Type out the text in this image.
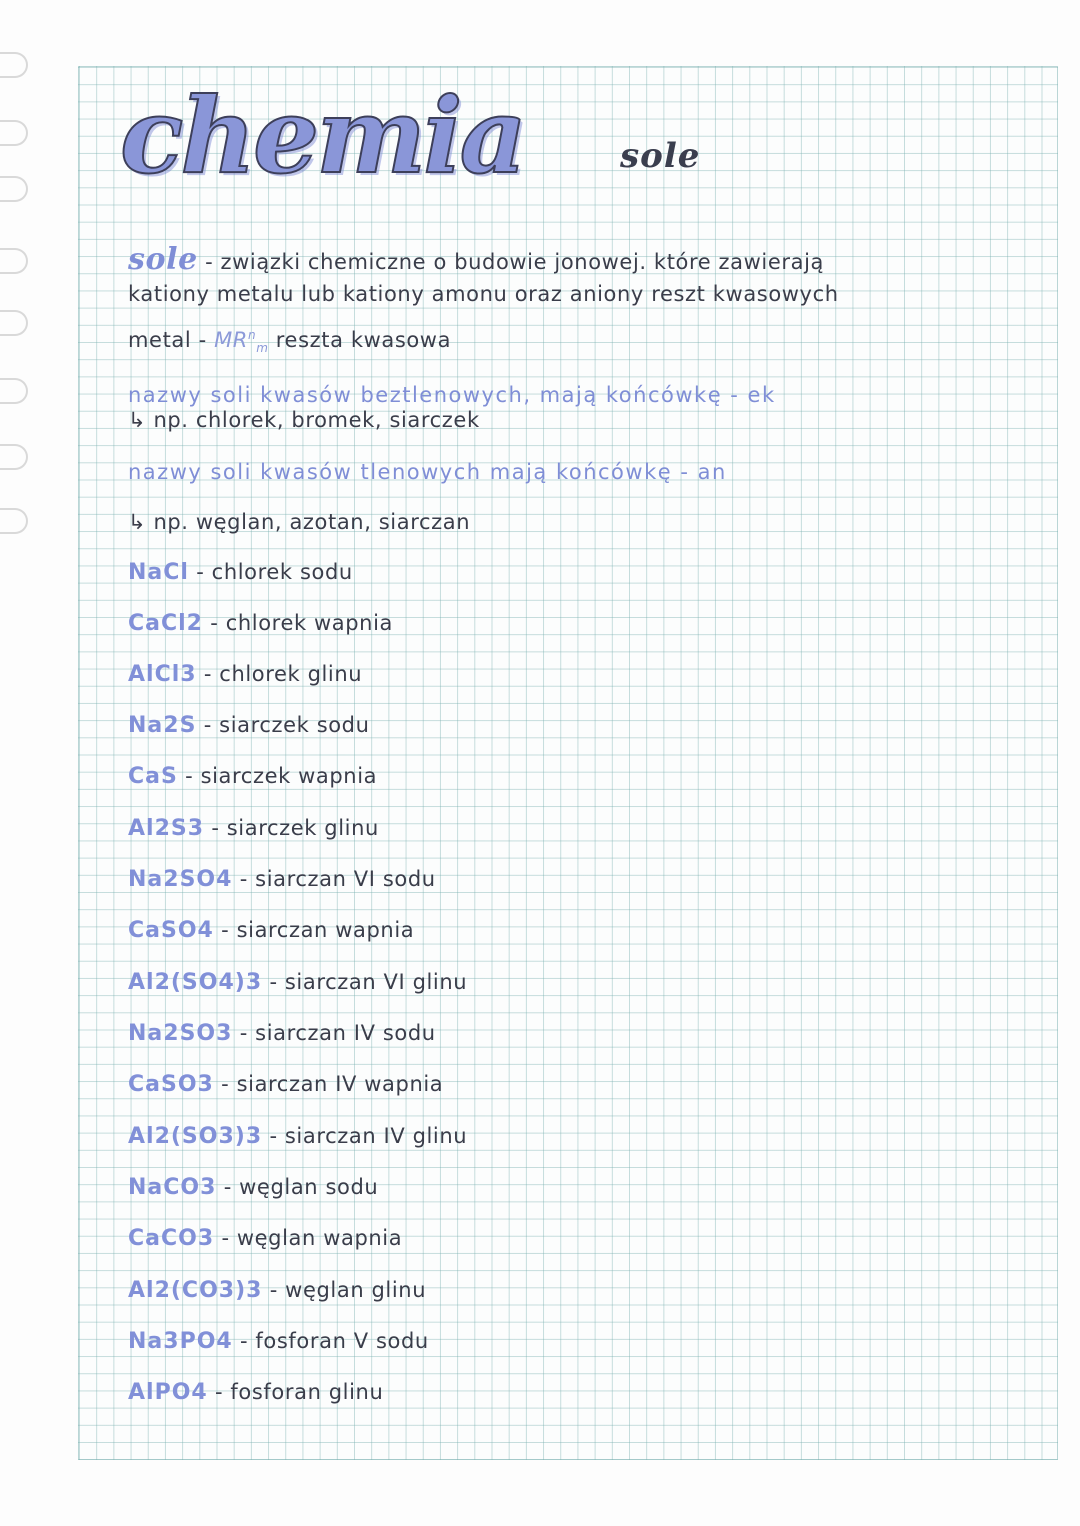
chemia	sole
sole - związki chemiczne o budowie jonowej. które zawierają
kationy metalu lub kationy amonu oraz aniony reszt kwasowych
metal - $MR^n_m$ reszta kwasowa
nazwy soli kwasów beztlenowych, mają końcówkę - ek
↳ np. chlorek, bromek, siarczek
nazwy soli kwasów tlenowych mają końcówkę - an
↳ np. węglan, azotan, siarczan
NaCl - chlorek sodu
CaCl2 - chlorek wapnia
AlCl3 - chlorek glinu
Na2S - siarczek sodu
CaS - siarczek wapnia
Al2S3 - siarczek glinu
Na2SO4 - siarczan VI sodu
CaSO4 - siarczan wapnia
Al2(SO4)3 - siarczan VI glinu
Na2SO3 - siarczan IV sodu
CaSO3 - siarczan IV wapnia
Al2(SO3)3 - siarczan IV glinu
NaCO3 - węglan sodu
CaCO3 - węglan wapnia
Al2(CO3)3 - węglan glinu
Na3PO4 - fosforan V sodu
AlPO4 - fosforan glinu
